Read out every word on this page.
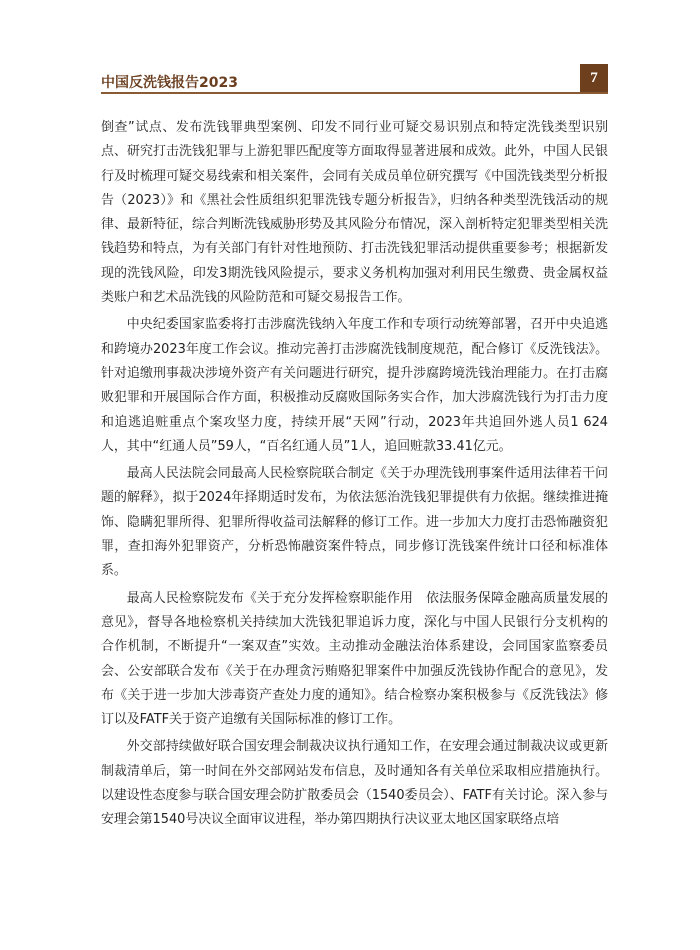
中国反洗钱报告2023	7

倒查”试点、发布洗钱罪典型案例、印发不同行业可疑交易识别点和特定洗钱类型识别点、研究打击洗钱犯罪与上游犯罪匹配度等方面取得显著进展和成效。此外，中国人民银行及时梳理可疑交易线索和相关案件，会同有关成员单位研究撰写《中国洗钱类型分析报告（2023）》和《黑社会性质组织犯罪洗钱专题分析报告》，归纳各种类型洗钱活动的规律、最新特征，综合判断洗钱威胁形势及其风险分布情况，深入剖析特定犯罪类型相关洗钱趋势和特点，为有关部门有针对性地预防、打击洗钱犯罪活动提供重要参考；根据新发现的洗钱风险，印发3期洗钱风险提示，要求义务机构加强对利用民生缴费、贵金属权益类账户和艺术品洗钱的风险防范和可疑交易报告工作。

中央纪委国家监委将打击涉腐洗钱纳入年度工作和专项行动统筹部署，召开中央追逃和跨境办2023年度工作会议。推动完善打击涉腐洗钱制度规范，配合修订《反洗钱法》。针对追缴刑事裁决涉境外资产有关问题进行研究，提升涉腐跨境洗钱治理能力。在打击腐败犯罪和开展国际合作方面，积极推动反腐败国际务实合作，加大涉腐洗钱行为打击力度和追逃追赃重点个案攻坚力度，持续开展“天网”行动，2023年共追回外逃人员1 624人，其中“红通人员”59人，“百名红通人员”1人，追回赃款33.41亿元。

最高人民法院会同最高人民检察院联合制定《关于办理洗钱刑事案件适用法律若干问题的解释》，拟于2024年择期适时发布，为依法惩治洗钱犯罪提供有力依据。继续推进掩饰、隐瞒犯罪所得、犯罪所得收益司法解释的修订工作。进一步加大力度打击恐怖融资犯罪，查扣海外犯罪资产，分析恐怖融资案件特点，同步修订洗钱案件统计口径和标准体系。

最高人民检察院发布《关于充分发挥检察职能作用　依法服务保障金融高质量发展的意见》，督导各地检察机关持续加大洗钱犯罪追诉力度，深化与中国人民银行分支机构的合作机制，不断提升“一案双查”实效。主动推动金融法治体系建设，会同国家监察委员会、公安部联合发布《关于在办理贪污贿赂犯罪案件中加强反洗钱协作配合的意见》，发布《关于进一步加大涉毒资产查处力度的通知》。结合检察办案积极参与《反洗钱法》修订以及FATF关于资产追缴有关国际标准的修订工作。

外交部持续做好联合国安理会制裁决议执行通知工作，在安理会通过制裁决议或更新制裁清单后，第一时间在外交部网站发布信息，及时通知各有关单位采取相应措施执行。以建设性态度参与联合国安理会防扩散委员会（1540委员会）、FATF有关讨论。深入参与安理会第1540号决议全面审议进程，举办第四期执行决议亚太地区国家联络点培
